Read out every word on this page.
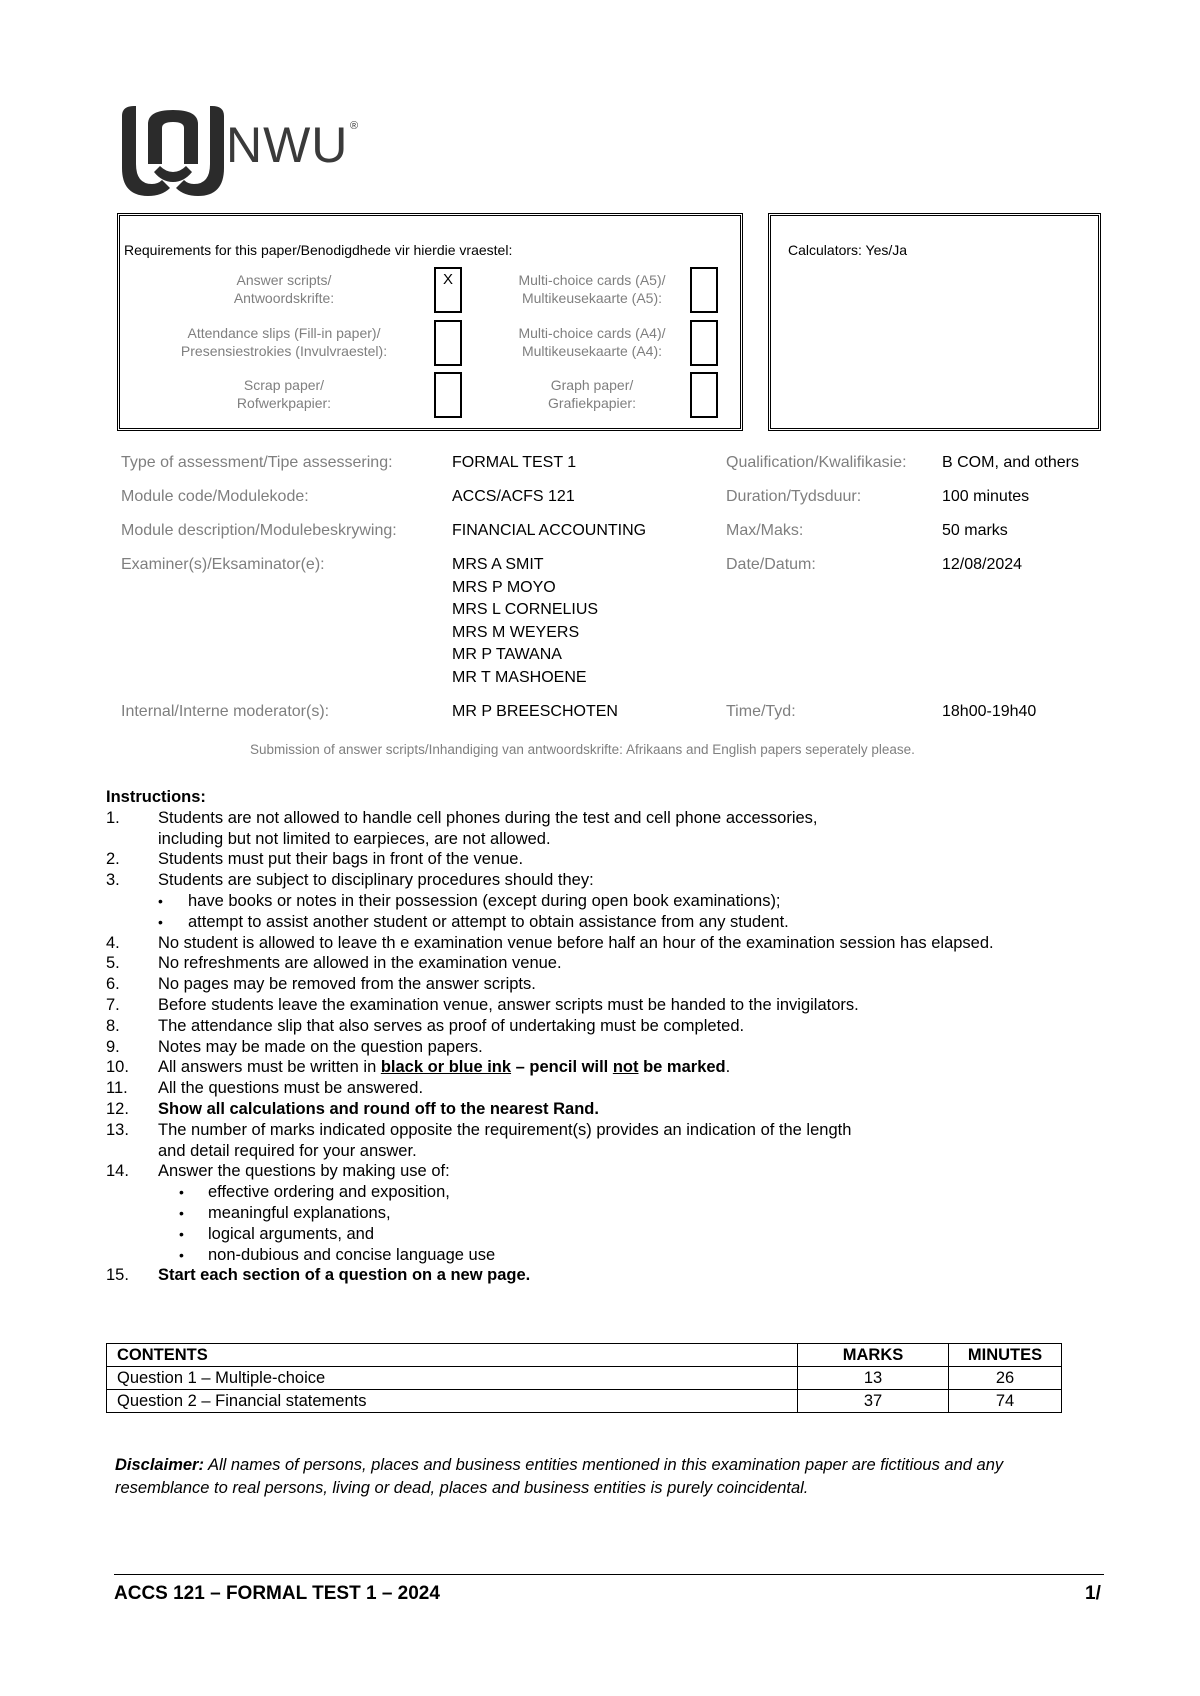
NWU ®
Requirements for this paper/Benodigdhede vir hierdie vraestel:
Answer scripts/
Antwoordskrifte:
X
Attendance slips (Fill-in paper)/
Presensiestrokies (Invulvraestel):
Scrap paper/
Rofwerkpapier:
Multi-choice cards (A5)/
Multikeusekaarte (A5):
Multi-choice cards (A4)/
Multikeusekaarte (A4):
Graph paper/
Grafiekpapier:
Calculators: Yes/Ja
Type of assessment/Tipe assessering:	FORMAL TEST 1
Module code/Modulekode:	ACCS/ACFS 121
Module description/Modulebeskrywing:	FINANCIAL ACCOUNTING
Examiner(s)/Eksaminator(e):	MRS A SMIT
MRS P MOYO
MRS L CORNELIUS
MRS M WEYERS
MR P TAWANA
MR T MASHOENE
Internal/Interne moderator(s):	MR P BREESCHOTEN
Qualification/Kwalifikasie: B COM, and others
Duration/Tydsduur:	100 minutes
Max/Maks:	50 marks
Date/Datum:	12/08/2024
Time/Tyd:	18h00-19h40
Submission of answer scripts/Inhandiging van antwoordskrifte: Afrikaans and English papers seperately please.
Instructions:
1. Students are not allowed to handle cell phones during the test and cell phone accessories,
including but not limited to earpieces, are not allowed.
2. Students must put their bags in front of the venue.
3. Students are subject to disciplinary procedures should they:
• have books or notes in their possession (except during open book examinations);
• attempt to assist another student or attempt to obtain assistance from any student.
4. No student is allowed to leave th e examination venue before half an hour of the examination session has elapsed.
5. No refreshments are allowed in the examination venue.
6. No pages may be removed from the answer scripts.
7. Before students leave the examination venue, answer scripts must be handed to the invigilators.
8. The attendance slip that also serves as proof of undertaking must be completed.
9. Notes may be made on the question papers.
10. All answers must be written in black or blue ink – pencil will not be marked.
11. All the questions must be answered.
12. Show all calculations and round off to the nearest Rand.
13. The number of marks indicated opposite the requirement(s) provides an indication of the length
and detail required for your answer.
14. Answer the questions by making use of:
• effective ordering and exposition,
• meaningful explanations,
• logical arguments, and
• non-dubious and concise language use
15. Start each section of a question on a new page.
CONTENTS	MARKS	MINUTES
Question 1 – Multiple-choice	13	26
Question 2 – Financial statements	37	74
Disclaimer: All names of persons, places and business entities mentioned in this examination paper are fictitious and any resemblance to real persons, living or dead, places and business entities is purely coincidental.
ACCS 121 – FORMAL TEST 1 – 2024	1/
